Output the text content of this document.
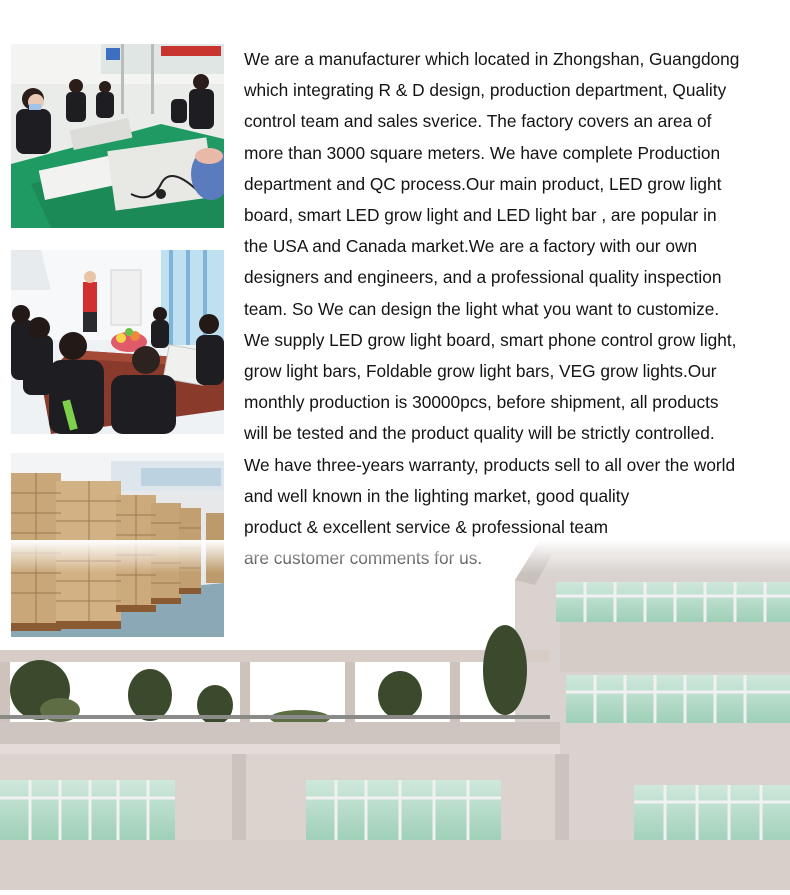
We are a manufacturer which located in Zhongshan, Guangdong

which integrating R & D design, production department, Quality

control team and sales sverice. The factory covers an area of

more than 3000 square meters. We have complete Production

department and QC process.Our main product, LED grow light

board, smart LED grow light and LED light bar , are popular in

the USA and Canada market.We are a factory with our own

designers and engineers, and a professional quality inspection

team. So We can design the light what you want to customize.

We supply LED grow light board, smart phone control grow light,

grow light bars, Foldable grow light bars, VEG grow lights.Our

monthly production is 30000pcs, before shipment, all products

will be tested and the product quality will be strictly controlled.

We have three-years warranty, products sell to all over the world

and well known in the lighting market, good quality

product & excellent service & professional team
